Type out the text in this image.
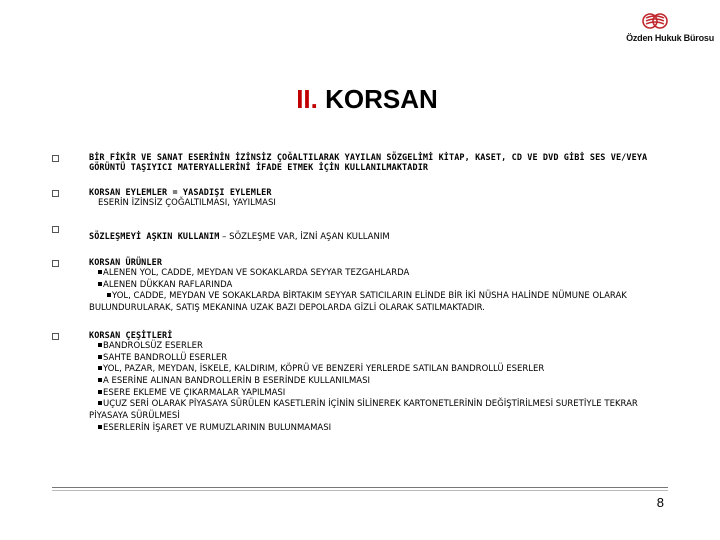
Özden Hukuk Bürosu
II. KORSAN
BİR FİKİR VE SANAT ESERİNİN İZİNSİZ ÇOĞALTILARAK YAYILAN SÖZGELİMİ KİTAP, KASET, CD VE DVD GİBİ SES VE/VEYA GÖRÜNTÜ TAŞIYICI MATERYALLERİNİ İFADE ETMEK İÇİN KULLANILMAKTADIR
KORSAN EYLEMLER = YASADIŞI EYLEMLER
ESERİN İZİNSİZ ÇOĞALTILMASI, YAYILMASI
SÖZLEŞMEYİ AŞKIN KULLANIM – SÖZLEŞME VAR, İZNİ AŞAN KULLANIM
KORSAN ÜRÜNLER
ALENEN YOL, CADDE, MEYDAN VE SOKAKLARDA SEYYAR TEZGAHLARDA
ALENEN DÜKKAN RAFLARINDA
YOL, CADDE, MEYDAN VE SOKAKLARDA BİRTAKIM SEYYAR SATICILARIN ELİNDE BİR İKİ NÜSHA HALİNDE NÜMUNE OLARAK BULUNDURULARAK, SATIŞ MEKANINA UZAK BAZI DEPOLARDA GİZLİ OLARAK SATILMAKTADIR.
KORSAN ÇEŞİTLERİ
BANDROLSÜZ ESERLER
SAHTE BANDROLLÜ ESERLER
YOL, PAZAR, MEYDAN, İSKELE, KALDIRIM, KÖPRÜ VE BENZERİ YERLERDE SATILAN BANDROLLÜ ESERLER
A ESERİNE ALINAN BANDROLLERİN B ESERİNDE KULLANILMASI
ESERE EKLEME VE ÇIKARMALAR YAPILMASI
UÇUZ SERİ OLARAK PİYASAYA SÜRÜLEN KASETLERİN İÇİNİN SİLİNEREK KARTONETLERİNİN DEĞİŞTİRİLMESİ SURETİYLE TEKRAR PİYASAYA SÜRÜLMESİ
ESERLERİN İŞARET VE RUMUZLARININ BULUNMAMASI
8
